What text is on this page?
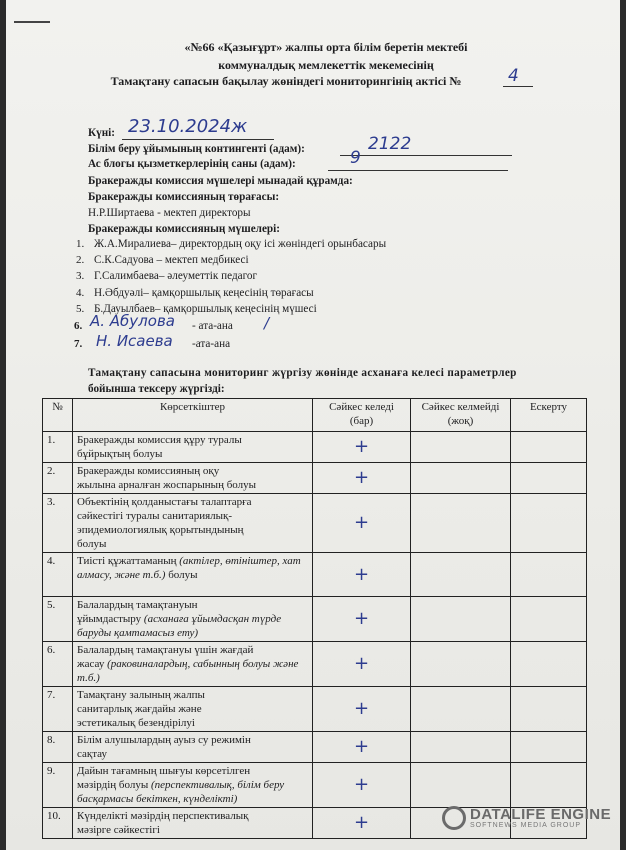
«№66 «Қазығұрт» жалпы орта білім беретін мектебі
коммуналдық мемлекеттік мекемесінің
Тамақтану сапасын бақылау жөніндегі мониторингінің актісі №	4
Күні: 23.10.2024ж
Білім беру ұйымының контингенті (адам):	2122
Ас блогы қызметкерлерінің саны (адам):	9
Бракеражды комиссия мүшелері мынадай құрамда:
Бракеражды комиссияның төрағасы:
Н.Р.Ширтаева - мектеп директоры
Бракеражды комиссияның мүшелері:
1. Ж.А.Миралиева– директордың оқу ісі жөніндегі орынбасары
2. С.К.Садуова – мектеп медбикесі
3. Г.Салимбаева– әлеуметтік педагог
4. Н.Әбдуәлі– қамқоршылық кеңесінің төрағасы
5. Б.Дауылбаев– қамқоршылық кеңесінің мүшесі
6. А. Абулова - ата-ана /
7. Н. Исаева -ата-ана
Тамақтану сапасына мониторинг жүргізу жөнінде асханаға келесі параметрлер
бойынша тексеру жүргізді:
№	Көрсеткіштер	Сәйкес келеді (бар)	Сәйкес келмейді (жоқ)	Ескерту
1.	Бракеражды комиссия құру туралы
бұйрықтың болуы	+		
2.	Бракеражды комиссияның оқу
жылына арналған жоспарының болуы	+		
3.	Объектінің қолданыстағы талаптарға
сәйкестігі туралы санитариялық-
эпидемиологиялық қорытындының
болуы	+		
4.	Тиісті құжаттаманың (актілер, өтініштер, хат алмасу, және т.б.) болуы	+		
5.	Балалардың тамақтануын
ұйымдастыру (асханаға ұйымдасқан түрде баруды қамтамасыз ету)	+		
6.	Балалардың тамақтануы үшін жағдай
жасау (раковиналардың, сабынның болуы және т.б.)	+		
7.	Тамақтану залының жалпы
санитарлық жағдайы және
эстетикалық безендірілуі	+		
8.	Білім алушылардың ауыз су режимін
сақтау	+		
9.	Дайын тағамның шығуы көрсетілген
мәзірдің болуы (перспективалық, білім беру басқармасы бекіткен, күнделікті)	+		
10.	Күнделікті мәзірдің перспективалық
мәзірге сәйкестігі	+			DATALIFE ENGINE
SOFTNEWS MEDIA GROUP
